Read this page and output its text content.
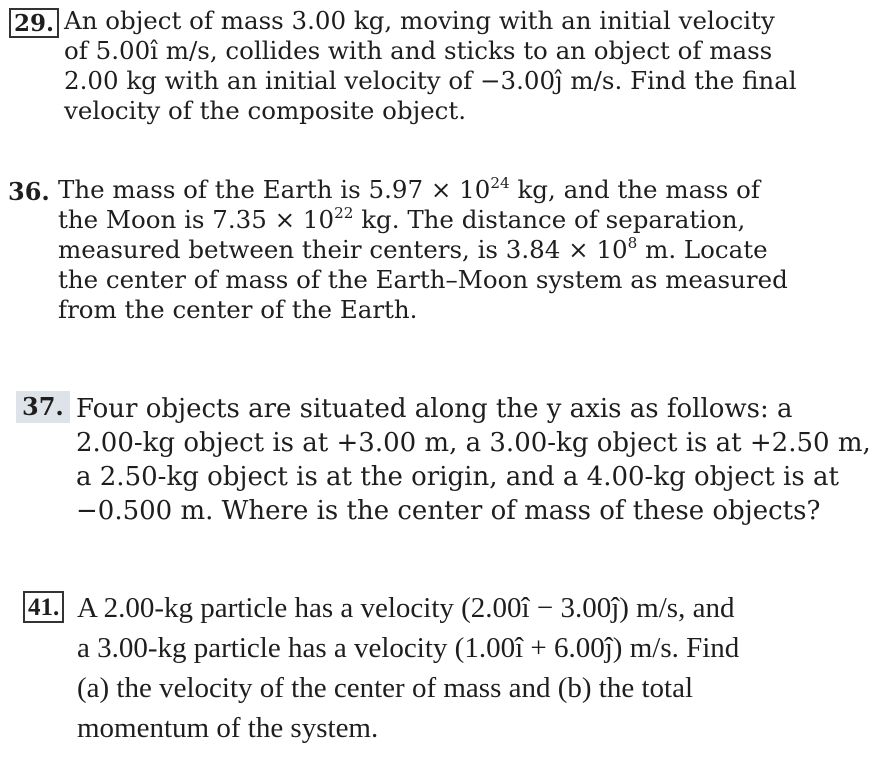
29. An object of mass 3.00 kg, moving with an initial velocity
of 5.00î m/s, collides with and sticks to an object of mass
2.00 kg with an initial velocity of −3.00ĵ m/s. Find the final
velocity of the composite object.
36. The mass of the Earth is $5.97 \times 10^{24}$ kg, and the mass of
the Moon is $7.35 \times 10^{22}$ kg. The distance of separation,
measured between their centers, is $3.84 \times 10^8$ m. Locate
the center of mass of the Earth–Moon system as measured
from the center of the Earth.
37. Four objects are situated along the y axis as follows: a
2.00-kg object is at +3.00 m, a 3.00-kg object is at +2.50 m,
a 2.50-kg object is at the origin, and a 4.00-kg object is at
−0.500 m. Where is the center of mass of these objects?
41. A 2.00-kg particle has a velocity (2.00î − 3.00ĵ) m/s, and
a 3.00-kg particle has a velocity (1.00î + 6.00ĵ) m/s. Find
(a) the velocity of the center of mass and (b) the total
momentum of the system.
